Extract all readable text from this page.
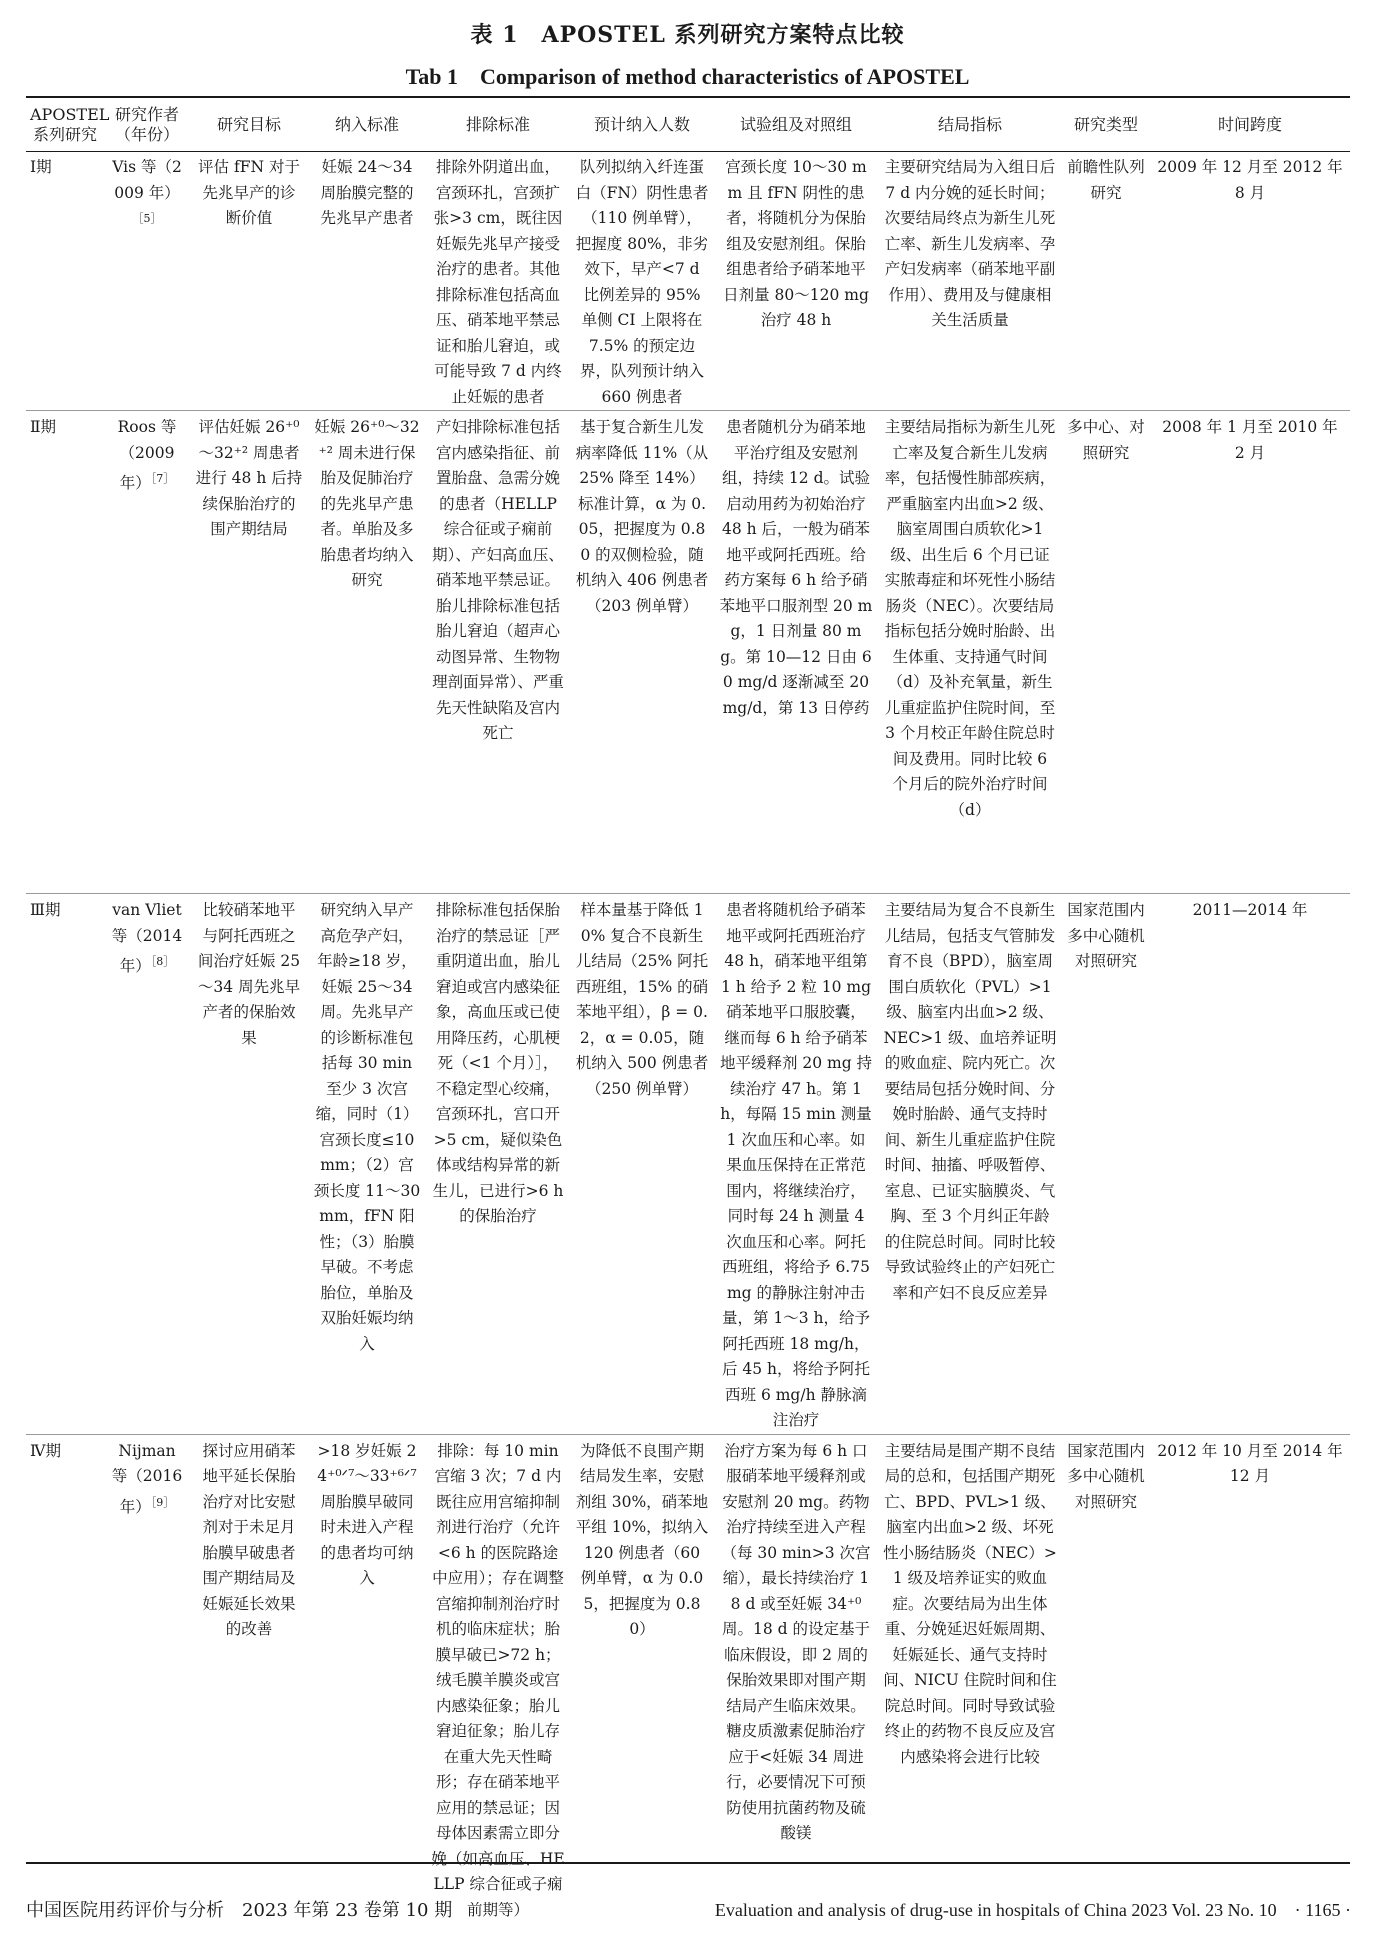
表 1　APOSTEL 系列研究方案特点比较
Tab 1　Comparison of method characteristics of APOSTEL
APOSTEL 系列研究	研究作者（年份）	研究目标	纳入标准	排除标准	预计纳入人数	试验组及对照组	结局指标	研究类型	时间跨度
Ⅰ期	Vis 等（2009 年）$^{[5]}$	评估 fFN 对于先兆早产的诊断价值	妊娠 24～34 周胎膜完整的先兆早产患者	排除外阴道出血，宫颈环扎，宫颈扩张>3 cm，既往因妊娠先兆早产接受治疗的患者。其他排除标准包括高血压、硝苯地平禁忌证和胎儿窘迫，或可能导致 7 d 内终止妊娠的患者	队列拟纳入纤连蛋白（FN）阴性患者（110 例单臂），把握度 80%，非劣效下，早产<7 d 比例差异的 95% 单侧 CI 上限将在 7.5% 的预定边界，队列预计纳入 660 例患者	宫颈长度 10～30 mm 且 fFN 阴性的患者，将随机分为保胎组及安慰剂组。保胎组患者给予硝苯地平日剂量 80～120 mg 治疗 48 h	主要研究结局为入组日后 7 d 内分娩的延长时间；次要结局终点为新生儿死亡率、新生儿发病率、孕产妇发病率（硝苯地平副作用）、费用及与健康相关生活质量	前瞻性队列研究	2009 年 12 月至 2012 年 8 月
Ⅱ期	Roos 等（2009 年）$^{[7]}$	评估妊娠 26⁺⁰～32⁺² 周患者进行 48 h 后持续保胎治疗的围产期结局	妊娠 26⁺⁰～32⁺² 周未进行保胎及促肺治疗的先兆早产患者。单胎及多胎患者均纳入研究	产妇排除标准包括宫内感染指征、前置胎盘、急需分娩的患者（HELLP 综合征或子痫前期）、产妇高血压、硝苯地平禁忌证。胎儿排除标准包括胎儿窘迫（超声心动图异常、生物物理剖面异常）、严重先天性缺陷及宫内死亡	基于复合新生儿发病率降低 11%（从 25% 降至 14%）标准计算，α 为 0.05，把握度为 0.80 的双侧检验，随机纳入 406 例患者（203 例单臂）	患者随机分为硝苯地平治疗组及安慰剂组，持续 12 d。试验启动用药为初始治疗 48 h 后，一般为硝苯地平或阿托西班。给药方案每 6 h 给予硝苯地平口服剂型 20 mg，1 日剂量 80 mg。第 10—12 日由 60 mg/d 逐渐减至 20 mg/d，第 13 日停药	主要结局指标为新生儿死亡率及复合新生儿发病率，包括慢性肺部疾病，严重脑室内出血>2 级、脑室周围白质软化>1 级、出生后 6 个月已证实脓毒症和坏死性小肠结肠炎（NEC）。次要结局指标包括分娩时胎龄、出生体重、支持通气时间（d）及补充氧量，新生儿重症监护住院时间，至 3 个月校正年龄住院总时间及费用。同时比较 6 个月后的院外治疗时间（d）	多中心、对照研究	2008 年 1 月至 2010 年 2 月
Ⅲ期	van Vliet 等（2014 年）$^{[8]}$	比较硝苯地平与阿托西班之间治疗妊娠 25～34 周先兆早产者的保胎效果	研究纳入早产高危孕产妇，年龄≥18 岁，妊娠 25～34 周。先兆早产的诊断标准包括每 30 min 至少 3 次宫缩，同时（1）宫颈长度≤10 mm；（2）宫颈长度 11～30 mm，fFN 阳性；（3）胎膜早破。不考虑胎位，单胎及双胎妊娠均纳入	排除标准包括保胎治疗的禁忌证［严重阴道出血，胎儿窘迫或宫内感染征象，高血压或已使用降压药，心肌梗死（<1 个月）］，不稳定型心绞痛，宫颈环扎，宫口开>5 cm，疑似染色体或结构异常的新生儿，已进行>6 h 的保胎治疗	样本量基于降低 10% 复合不良新生儿结局（25% 阿托西班组，15% 的硝苯地平组），β = 0.2，α = 0.05，随机纳入 500 例患者（250 例单臂）	患者将随机给予硝苯地平或阿托西班治疗 48 h，硝苯地平组第 1 h 给予 2 粒 10 mg 硝苯地平口服胶囊，继而每 6 h 给予硝苯地平缓释剂 20 mg 持续治疗 47 h。第 1 h，每隔 15 min 测量 1 次血压和心率。如果血压保持在正常范围内，将继续治疗，同时每 24 h 测量 4 次血压和心率。阿托西班组，将给予 6.75 mg 的静脉注射冲击量，第 1～3 h，给予阿托西班 18 mg/h，后 45 h，将给予阿托西班 6 mg/h 静脉滴注治疗	主要结局为复合不良新生儿结局，包括支气管肺发育不良（BPD），脑室周围白质软化（PVL）>1 级、脑室内出血>2 级、NEC>1 级、血培养证明的败血症、院内死亡。次要结局包括分娩时间、分娩时胎龄、通气支持时间、新生儿重症监护住院时间、抽搐、呼吸暂停、室息、已证实脑膜炎、气胸、至 3 个月纠正年龄的住院总时间。同时比较导致试验终止的产妇死亡率和产妇不良反应差异	国家范围内多中心随机对照研究	2011—2014 年
Ⅳ期	Nijman 等（2016 年）$^{[9]}$	探讨应用硝苯地平延长保胎治疗对比安慰剂对于未足月胎膜早破患者围产期结局及妊娠延长效果的改善	>18 岁妊娠 24⁺⁰ᐟ⁷～33⁺⁶ᐟ⁷ 周胎膜早破同时未进入产程的患者均可纳入	排除：每 10 min 宫缩 3 次；7 d 内既往应用宫缩抑制剂进行治疗（允许<6 h 的医院路途中应用）；存在调整宫缩抑制剂治疗时机的临床症状；胎膜早破已>72 h；绒毛膜羊膜炎或宫内感染征象；胎儿窘迫征象；胎儿存在重大先天性畸形；存在硝苯地平应用的禁忌证；因母体因素需立即分娩（如高血压、HELLP 综合征或子痫前期等）	为降低不良围产期结局发生率，安慰剂组 30%，硝苯地平组 10%，拟纳入 120 例患者（60 例单臂，α 为 0.05，把握度为 0.80）	治疗方案为每 6 h 口服硝苯地平缓释剂或安慰剂 20 mg。药物治疗持续至进入产程（每 30 min>3 次宫缩），最长持续治疗 18 d 或至妊娠 34⁺⁰ 周。18 d 的设定基于临床假设，即 2 周的保胎效果即对围产期结局产生临床效果。糖皮质激素促肺治疗应于<妊娠 34 周进行，必要情况下可预防使用抗菌药物及硫酸镁	主要结局是围产期不良结局的总和，包括围产期死亡、BPD、PVL>1 级、脑室内出血>2 级、坏死性小肠结肠炎（NEC）>1 级及培养证实的败血症。次要结局为出生体重、分娩延迟妊娠周期、妊娠延长、通气支持时间、NICU 住院时间和住院总时间。同时导致试验终止的药物不良反应及宫内感染将会进行比较	国家范围内多中心随机对照研究	2012 年 10 月至 2014 年 12 月
中国医院用药评价与分析　2023 年第 23 卷第 10 期	Evaluation and analysis of drug-use in hospitals of China 2023 Vol. 23 No. 10　· 1165 ·
